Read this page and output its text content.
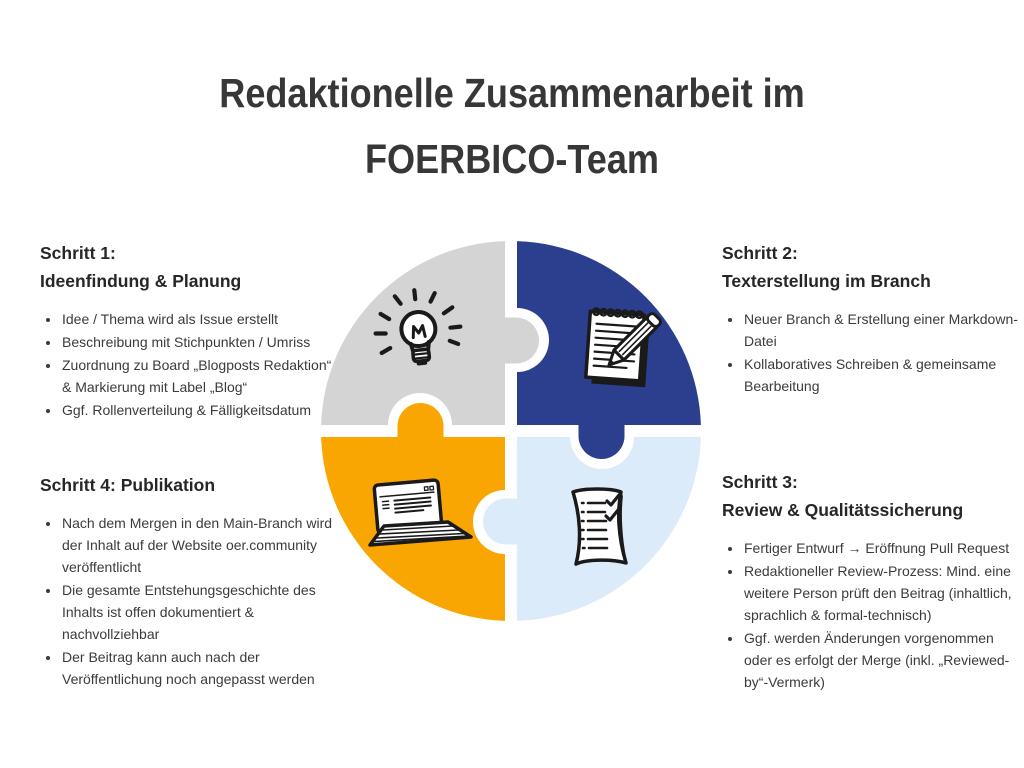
Redaktionelle Zusammenarbeit im
FOERBICO-Team
Schritt 1:
Ideenfindung & Planung
• Idee / Thema wird als Issue erstellt
• Beschreibung mit Stichpunkten / Umriss
• Zuordnung zu Board „Blogposts Redaktion“ & Markierung mit Label „Blog“
• Ggf. Rollenverteilung & Fälligkeitsdatum
Schritt 2:
Texterstellung im Branch
• Neuer Branch & Erstellung einer Markdown-Datei
• Kollaboratives Schreiben & gemeinsame Bearbeitung
Schritt 4: Publikation
• Nach dem Mergen in den Main-Branch wird der Inhalt auf der Website oer.community veröffentlicht
• Die gesamte Entstehungsgeschichte des Inhalts ist offen dokumentiert & nachvollziehbar
• Der Beitrag kann auch nach der Veröffentlichung noch angepasst werden
Schritt 3:
Review & Qualitätssicherung
• Fertiger Entwurf → Eröffnung Pull Request
• Redaktioneller Review-Prozess: Mind. eine weitere Person prüft den Beitrag (inhaltlich, sprachlich & formal-technisch)
• Ggf. werden Änderungen vorgenommen oder es erfolgt der Merge (inkl. „Reviewed-by“-Vermerk)
